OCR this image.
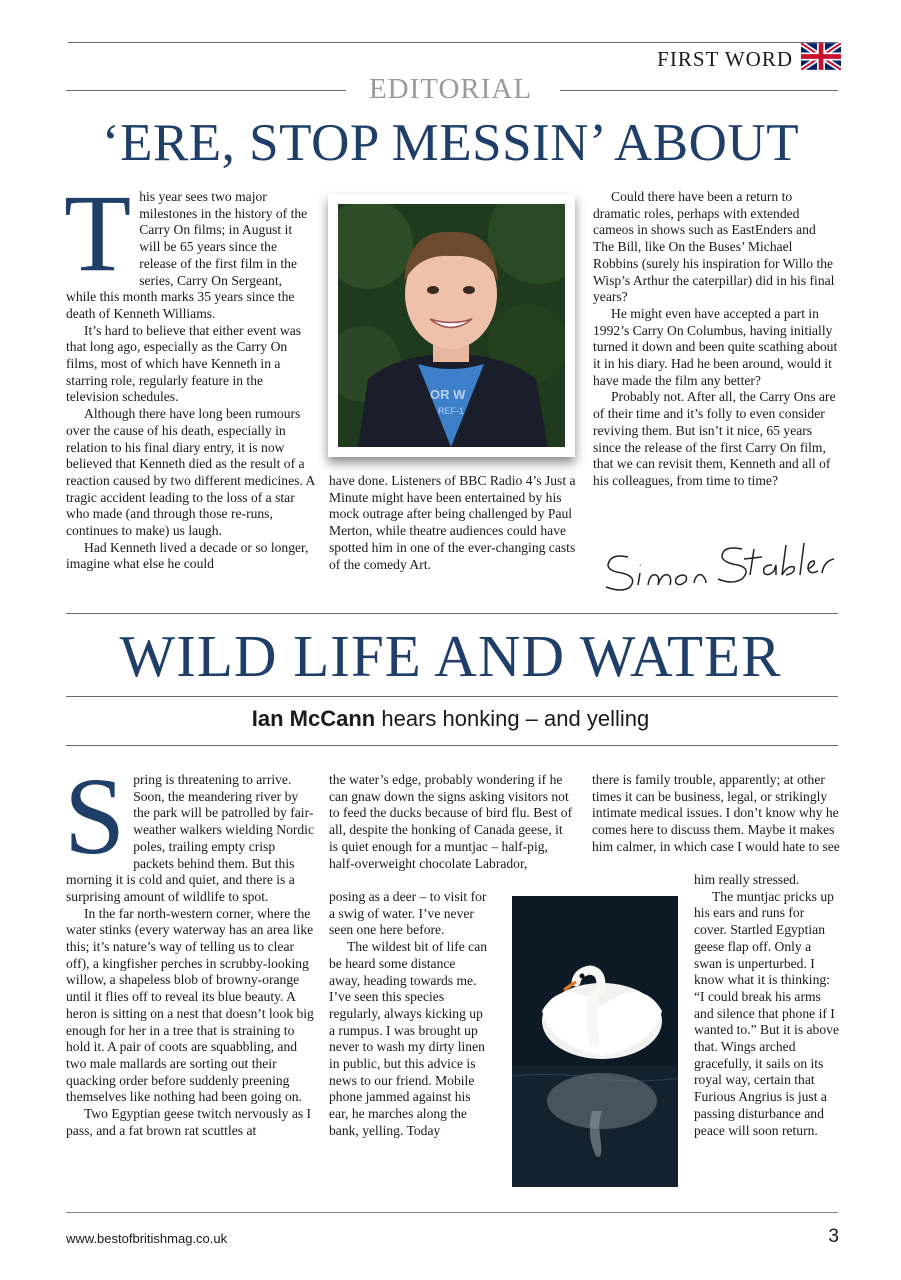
FIRST WORD
EDITORIAL
‘ERE, STOP MESSIN’ ABOUT
T his year sees two major milestones in the history of the Carry On films; in August it will be 65 years since the release of the first film in the series, Carry On Sergeant, while this month marks 35 years since the death of Kenneth Williams.

It’s hard to believe that either event was that long ago, especially as the Carry On films, most of which have Kenneth in a starring role, regularly feature in the television schedules.

Although there have long been rumours over the cause of his death, especially in relation to his final diary entry, it is now believed that Kenneth died as the result of a reaction caused by two different medicines. A tragic accident leading to the loss of a star who made (and through those re-runs, continues to make) us laugh.

Had Kenneth lived a decade or so longer, imagine what else he could

OR W
REF-1

have done. Listeners of BBC Radio 4’s Just a Minute might have been entertained by his mock outrage after being challenged by Paul Merton, while theatre audiences could have spotted him in one of the ever-changing casts of the comedy Art.

Could there have been a return to dramatic roles, perhaps with extended cameos in shows such as EastEnders and The Bill, like On the Buses’ Michael Robbins (surely his inspiration for Willo the Wisp’s Arthur the caterpillar) did in his final years?

He might even have accepted a part in 1992’s Carry On Columbus, having initially turned it down and been quite scathing about it in his diary. Had he been around, would it have made the film any better?

Probably not. After all, the Carry Ons are of their time and it’s folly to even consider reviving them. But isn’t it nice, 65 years since the release of the first Carry On film, that we can revisit them, Kenneth and all of his colleagues, from time to time?

WILD LIFE AND WATER
Ian McCann hears honking – and yelling
S pring is threatening to arrive. Soon, the meandering river by the park will be patrolled by fair-weather walkers wielding Nordic poles, trailing empty crisp packets behind them. But this morning it is cold and quiet, and there is a surprising amount of wildlife to spot.

In the far north-western corner, where the water stinks (every waterway has an area like this; it’s nature’s way of telling us to clear off), a kingfisher perches in scrubby-looking willow, a shapeless blob of browny-orange until it flies off to reveal its blue beauty. A heron is sitting on a nest that doesn’t look big enough for her in a tree that is straining to hold it. A pair of coots are squabbling, and two male mallards are sorting out their quacking order before suddenly preening themselves like nothing had been going on.

Two Egyptian geese twitch nervously as I pass, and a fat brown rat scuttles at

the water’s edge, probably wondering if he can gnaw down the signs asking visitors not to feed the ducks because of bird flu. Best of all, despite the honking of Canada geese, it is quiet enough for a muntjac – half-pig, half-overweight chocolate Labrador,

posing as a deer – to visit for a swig of water. I’ve never seen one here before.

The wildest bit of life can be heard some distance away, heading towards me. I’ve seen this species regularly, always kicking up a rumpus. I was brought up never to wash my dirty linen in public, but this advice is news to our friend. Mobile phone jammed against his ear, he marches along the bank, yelling. Today

there is family trouble, apparently; at other times it can be business, legal, or strikingly intimate medical issues. I don’t know why he comes here to discuss them. Maybe it makes him calmer, in which case I would hate to see

him really stressed.

The muntjac pricks up his ears and runs for cover. Startled Egyptian geese flap off. Only a swan is unperturbed. I know what it is thinking: “I could break his arms and silence that phone if I wanted to.” But it is above that. Wings arched gracefully, it sails on its royal way, certain that Furious Angrius is just a passing disturbance and peace will soon return.

www.bestofbritishmag.co.uk	3
